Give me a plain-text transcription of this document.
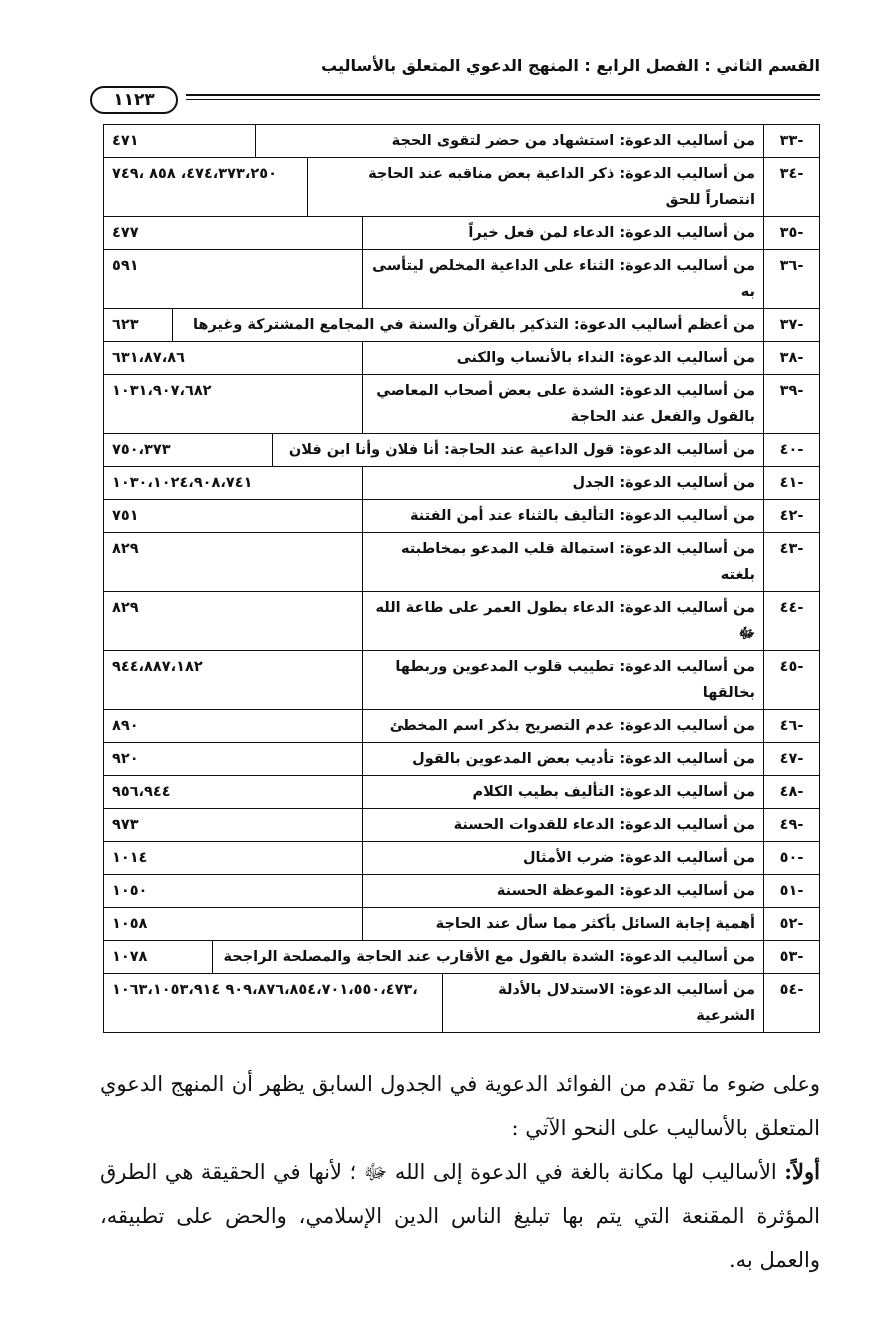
القسم الثاني : الفصل الرابع : المنهج الدعوي المتعلق بالأساليب
١١٢٣
-٣٣	
من أساليب الدعوة: استشهاد من حضر لتقوى الحجة	٤٧١

-٣٤	
من أساليب الدعوة: ذكر الداعية بعض مناقبه عند الحاجة انتصاراً للحق	٤٧٤،٣٧٣،٢٥٠، ٨٥٨ ،٧٤٩

-٣٥	
من أساليب الدعوة: الدعاء لمن فعل خيراً	٤٧٧

-٣٦	
من أساليب الدعوة: الثناء على الداعية المخلص ليتأسى به	٥٩١

-٣٧	
من أعظم أساليب الدعوة: التذكير بالقرآن والسنة في المجامع المشتركة وغيرها	٦٢٣

-٣٨	
من أساليب الدعوة: النداء بالأنساب والكنى	٦٣١،٨٧،٨٦

-٣٩	
من أساليب الدعوة: الشدة على بعض أصحاب المعاصي بالقول والفعل عند الحاجة	١٠٣١،٩٠٧،٦٨٢

-٤٠	
من أساليب الدعوة: قول الداعية عند الحاجة: أنا فلان وأنا ابن فلان	٧٥٠،٣٧٣

-٤١	
من أساليب الدعوة: الجدل	١٠٣٠،١٠٢٤،٩٠٨،٧٤١

-٤٢	
من أساليب الدعوة: التأليف بالثناء عند أمن الفتنة	٧٥١

-٤٣	
من أساليب الدعوة: استمالة قلب المدعو بمخاطبته بلغته	٨٢٩

-٤٤	
من أساليب الدعوة: الدعاء بطول العمر على طاعة الله ﷻ	٨٢٩

-٤٥	
من أساليب الدعوة: تطييب قلوب المدعوين وربطها بخالقها	٩٤٤،٨٨٧،١٨٢

-٤٦	
من أساليب الدعوة: عدم التصريح بذكر اسم المخطئ	٨٩٠

-٤٧	
من أساليب الدعوة: تأديب بعض المدعوين بالقول	٩٢٠

-٤٨	
من أساليب الدعوة: التأليف بطيب الكلام	٩٥٦،٩٤٤

-٤٩	
من أساليب الدعوة: الدعاء للقدوات الحسنة	٩٧٣

-٥٠	
من أساليب الدعوة: ضرب الأمثال	١٠١٤

-٥١	
من أساليب الدعوة: الموعظة الحسنة	١٠٥٠

-٥٢	
أهمية إجابة السائل بأكثر مما سأل عند الحاجة	١٠٥٨

-٥٣	
من أساليب الدعوة: الشدة بالقول مع الأقارب عند الحاجة والمصلحة الراجحة	١٠٧٨

-٥٤	
من أساليب الدعوة: الاستدلال بالأدلة الشرعية	،٩٠٩،٨٧٦،٨٥٤،٧٠١،٥٥٠،٤٧٣ ١٠٦٣،١٠٥٣،٩١٤

وعلى ضوء ما تقدم من الفوائد الدعوية في الجدول السابق يظهر أن المنهج الدعوي المتعلق بالأساليب على النحو الآتي :

أولاً: الأساليب لها مكانة بالغة في الدعوة إلى الله ﷻ ؛ لأنها في الحقيقة هي الطرق المؤثرة المقنعة التي يتم بها تبليغ الناس الدين الإسلامي، والحض على تطبيقه، والعمل به.
